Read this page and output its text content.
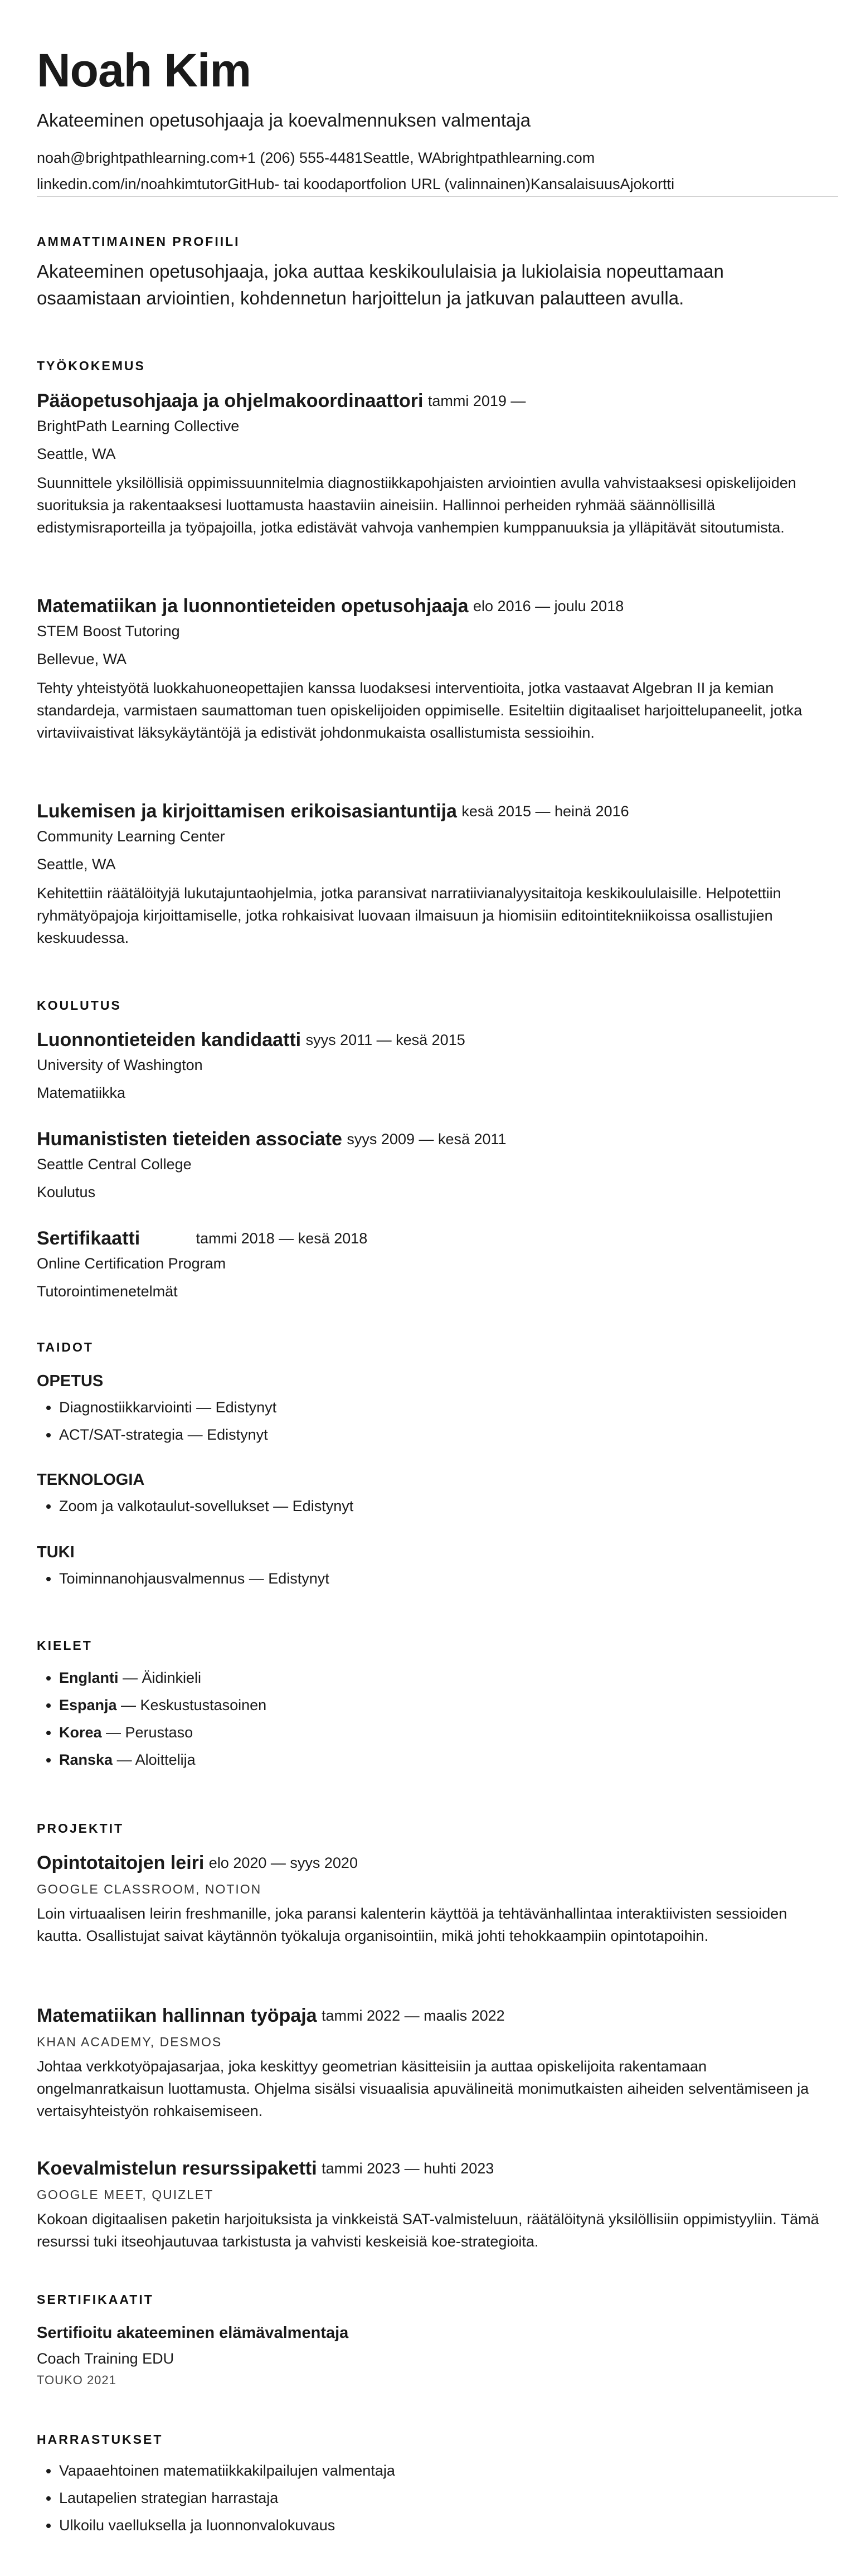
Noah Kim
Akateeminen opetusohjaaja ja koevalmennuksen valmentaja
noah@brightpathlearning.com+1 (206) 555-4481Seattle, WAbrightpathlearning.com
linkedin.com/in/noahkimtutorGitHub- tai koodaportfolion URL (valinnainen)KansalaisuusAjokortti
AMMATTIMAINEN PROFIILI

Akateeminen opetusohjaaja, joka auttaa keskikoululaisia ja lukiolaisia nopeuttamaan osaamistaan arviointien, kohdennetun harjoittelun ja jatkuvan palautteen avulla.

TYÖKOKEMUS
Pääopetusohjaaja ja ohjelmakoordinaattori tammi 2019 —
BrightPath Learning Collective
Seattle, WA
Suunnittele yksilöllisiä oppimissuunnitelmia diagnostiikkapohjaisten arviointien avulla vahvistaaksesi opiskelijoiden suorituksia ja rakentaaksesi luottamusta haastaviin aineisiin. Hallinnoi perheiden ryhmää säännöllisillä edistymisraporteilla ja työpajoilla, jotka edistävät vahvoja vanhempien kumppanuuksia ja ylläpitävät sitoutumista.
Matematiikan ja luonnontieteiden opetusohjaaja elo 2016 — joulu 2018
STEM Boost Tutoring
Bellevue, WA
Tehty yhteistyötä luokkahuoneopettajien kanssa luodaksesi interventioita, jotka vastaavat Algebran II ja kemian standardeja, varmistaen saumattoman tuen opiskelijoiden oppimiselle. Esiteltiin digitaaliset harjoittelupaneelit, jotka virtaviivaistivat läksykäytäntöjä ja edistivät johdonmukaista osallistumista sessioihin.
Lukemisen ja kirjoittamisen erikoisasiantuntija kesä 2015 — heinä 2016
Community Learning Center
Seattle, WA
Kehitettiin räätälöityjä lukutajuntaohjelmia, jotka paransivat narratiivianalyysitaitoja keskikoululaisille. Helpotettiin ryhmätyöpajoja kirjoittamiselle, jotka rohkaisivat luovaan ilmaisuun ja hiomisiin editointitekniikoissa osallistujien keskuudessa.
KOULUTUS
Luonnontieteiden kandidaatti syys 2011 — kesä 2015
University of Washington
Matematiikka
Humanististen tieteiden associate syys 2009 — kesä 2011
Seattle Central College
Koulutus
Sertifikaatti	tammi 2018 — kesä 2018
Online Certification Program
Tutorointimenetelmät
TAIDOT
OPETUS
• Diagnostiikkarviointi — Edistynyt
• ACT/SAT-strategia — Edistynyt
TEKNOLOGIA
• Zoom ja valkotaulut-sovellukset — Edistynyt
TUKI
• Toiminnanohjausvalmennus — Edistynyt
KIELET
• Englanti — Äidinkieli
• Espanja — Keskustustasoinen
• Korea — Perustaso
• Ranska — Aloittelija
PROJEKTIT
Opintotaitojen leiri elo 2020 — syys 2020
GOOGLE CLASSROOM, NOTION
Loin virtuaalisen leirin freshmanille, joka paransi kalenterin käyttöä ja tehtävänhallintaa interaktiivisten sessioiden kautta. Osallistujat saivat käytännön työkaluja organisointiin, mikä johti tehokkaampiin opintotapoihin.
Matematiikan hallinnan työpaja tammi 2022 — maalis 2022
KHAN ACADEMY, DESMOS
Johtaa verkkotyöpajasarjaa, joka keskittyy geometrian käsitteisiin ja auttaa opiskelijoita rakentamaan ongelmanratkaisun luottamusta. Ohjelma sisälsi visuaalisia apuvälineitä monimutkaisten aiheiden selventämiseen ja vertaisyhteistyön rohkaisemiseen.
Koevalmistelun resurssipaketti tammi 2023 — huhti 2023
GOOGLE MEET, QUIZLET
Kokoan digitaalisen paketin harjoituksista ja vinkkeistä SAT-valmisteluun, räätälöitynä yksilöllisiin oppimistyyliin. Tämä resurssi tuki itseohjautuvaa tarkistusta ja vahvisti keskeisiä koe-strategioita.
SERTIFIKAATIT
Sertifioitu akateeminen elämävalmentaja
Coach Training EDU
TOUKO 2021
HARRASTUKSET
• Vapaaehtoinen matematiikkakilpailujen valmentaja
• Lautapelien strategian harrastaja
• Ulkoilu vaelluksella ja luonnonvalokuvaus
